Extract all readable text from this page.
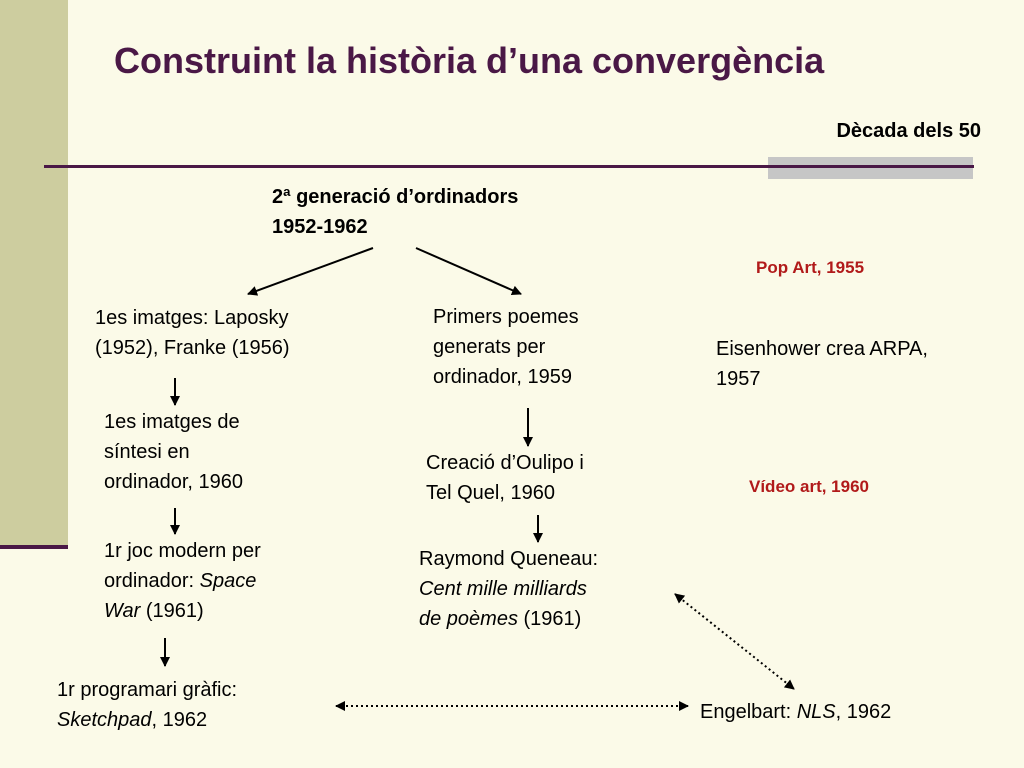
Construint la història d’una convergència
Dècada dels 50
2ª generació d’ordinadors
1952-1962
1es imatges: Laposky
(1952), Franke (1956)
1es imatges de
síntesi en
ordinador, 1960
1r joc modern per
ordinador: Space
War (1961)
1r programari gràfic:
Sketchpad, 1962
Primers poemes
generats per
ordinador, 1959
Creació d’Oulipo i
Tel Quel, 1960
Raymond Queneau:
Cent mille milliards
de poèmes (1961)
Engelbart: NLS, 1962
Pop Art, 1955
Eisenhower crea ARPA,
1957
Vídeo art, 1960
